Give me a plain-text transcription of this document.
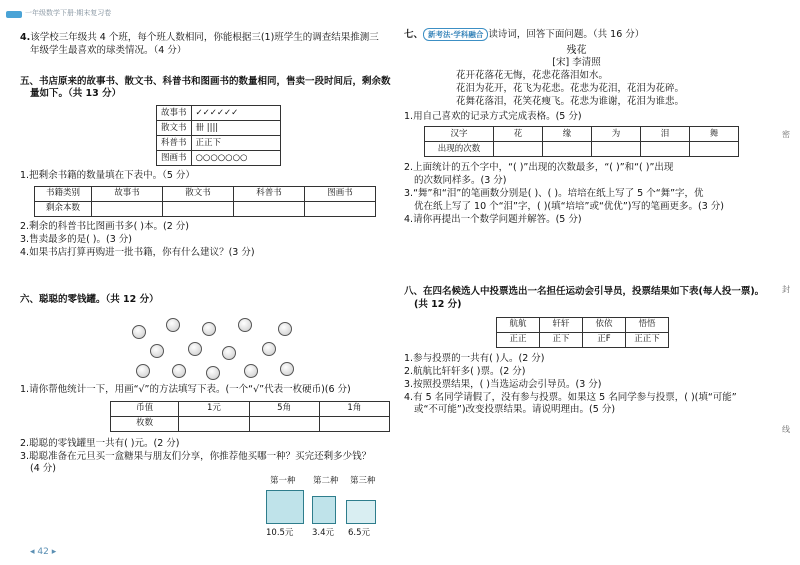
一年级数学下册·期末复习卷

4.该学校三年级共 4 个班，每个班人数相同，你能根据三(1)班学生的调查结果推测三

年级学生最喜欢的球类情况。（4 分）

五、书店原来的故事书、散文书、科普书和图画书的数量相同，售卖一段时间后，剩余数

量如下。（共 13 分）

故事书	✓✓✓✓✓✓
散文书	卌 ||||
科普书	正正下
图画书	○○○○○○○

1.把剩余书籍的数量填在下表中。（5 分）

书籍类别	故事书	散文书	科普书	图画书
剩余本数				

2.剩余的科普书比图画书多( )本。(2 分)

3.售卖最多的是( )。(3 分)

4.如果书店打算再购进一批书籍，你有什么建议？(3 分)

六、聪聪的零钱罐。（共 12 分）

1.请你帮他统计一下，用画“√”的方法填写下表。(一个“√”代表一枚硬币)(6 分)

币值	1元	5角	1角
枚数			

2.聪聪的零钱罐里一共有( )元。(2 分)

3.聪聪准备在元旦买一盒糖果与朋友们分享，你推荐他买哪一种？买完还剩多少钱？

(4 分)

第一种 第二种 第三种
10.5元 3.4元 6.5元
◂ 42 ▸

七、 新考法·学科融合 读诗词，回答下面问题。（共 16 分）

残花

[宋] 李清照

花开花落花无悔，花悲花落泪如水。

花泪为花开，花飞为花悲。花悲为花泪，花泪为花碎。

花舞花落泪，花笑花瘦飞。花悲为谁谢，花泪为谁悲。

1.用自己喜欢的记录方式完成表格。(5 分)

汉字	花	缘	为	泪	舞
出现的次数					

2.上面统计的五个字中，“( )”出现的次数最多，“( )”和“( )”出现

的次数同样多。(3 分)

3.“舞”和“泪”的笔画数分别是( )、( )。培培在纸上写了 5 个“舞”字，优

优在纸上写了 10 个“泪”字，( )(填“培培”或“优优”)写的笔画更多。(3 分)

4.请你再提出一个数学问题并解答。(5 分)

八、在四名候选人中投票选出一名担任运动会引导员，投票结果如下表(每人投一票)。

(共 12 分)

航航	轩轩	依依	悟悟
正正	正下	正F	正正下

1.参与投票的一共有( )人。(2 分)

2.航航比轩轩多( )票。(2 分)

3.按照投票结果，( )当选运动会引导员。(3 分)

4.有 5 名同学请假了，没有参与投票。如果这 5 名同学参与投票，( )(填“可能”

或“不可能”)改变投票结果。请说明理由。(5 分)

密
封
线
